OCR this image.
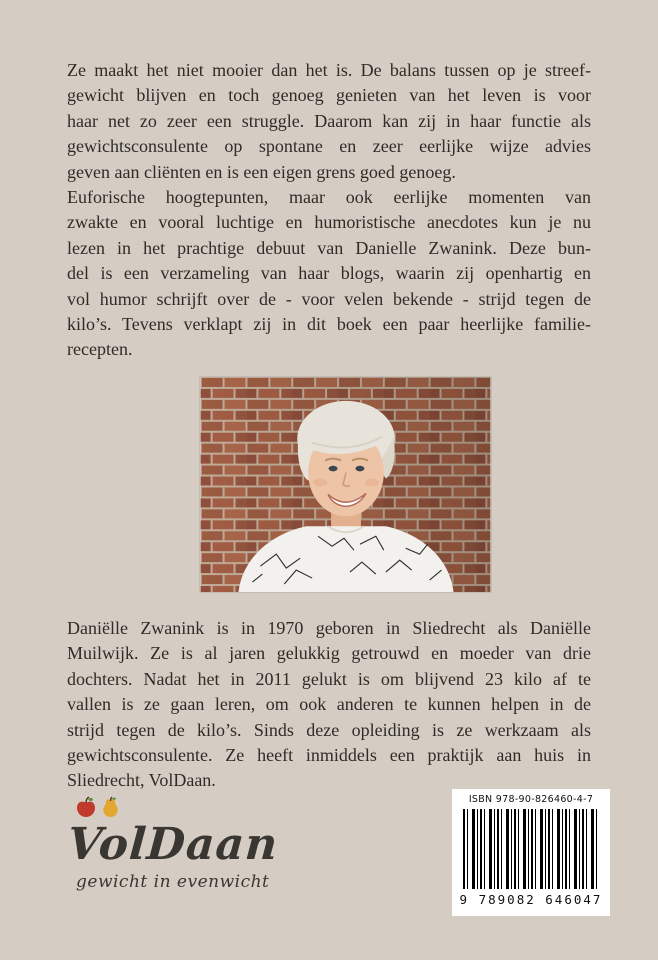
Ze maakt het niet mooier dan het is. De balans tussen op je streef-
gewicht blijven en toch genoeg genieten van het leven is voor
haar net zo zeer een struggle. Daarom kan zij in haar functie als
gewichtsconsulente op spontane en zeer eerlijke wijze advies
geven aan cliënten en is een eigen grens goed genoeg.
Euforische hoogtepunten, maar ook eerlijke momenten van
zwakte en vooral luchtige en humoristische anecdotes kun je nu
lezen in het prachtige debuut van Danielle Zwanink. Deze bun-
del is een verzameling van haar blogs, waarin zij openhartig en
vol humor schrijft over de - voor velen bekende - strijd tegen de
kilo’s. Tevens verklapt zij in dit boek een paar heerlijke familie-
recepten.
Daniëlle Zwanink is in 1970 geboren in Sliedrecht als Daniëlle
Muilwijk. Ze is al jaren gelukkig getrouwd en moeder van drie
dochters. Nadat het in 2011 gelukt is om blijvend 23 kilo af te
vallen is ze gaan leren, om ook anderen te kunnen helpen in de
strijd tegen de kilo’s. Sinds deze opleiding is ze werkzaam als
gewichtsconsulente. Ze heeft inmiddels een praktijk aan huis in
Sliedrecht, VolDaan.

VolDaan
gewicht in evenwicht
ISBN 978-90-826460-4-7
9 789082 646047
